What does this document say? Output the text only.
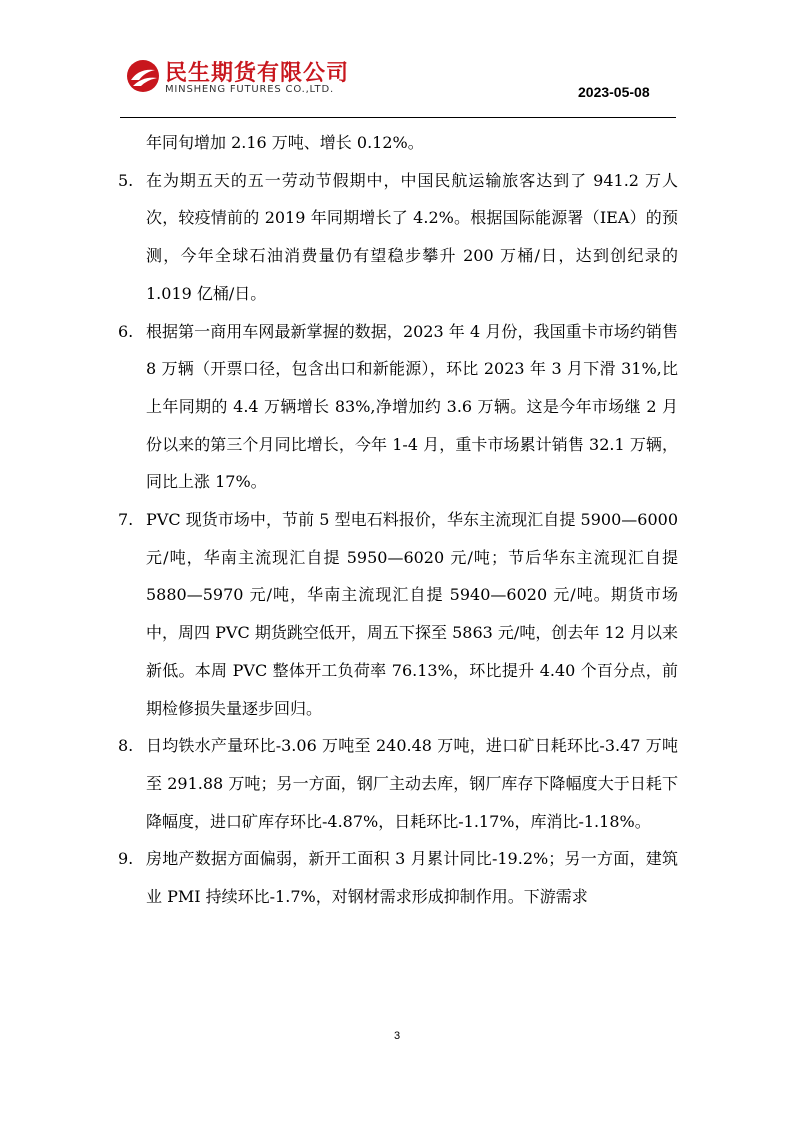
民生期货有限公司
MINSHENG FUTURES CO.,LTD.	2023-05-08

年同旬增加 2.16 万吨、增长 0.12%。

5. 在为期五天的五一劳动节假期中，中国民航运输旅客达到了 941.2 万人次，较疫情前的 2019 年同期增长了 4.2%。根据国际能源署（IEA）的预测，今年全球石油消费量仍有望稳步攀升 200 万桶/日，达到创纪录的 1.019 亿桶/日。

6. 根据第一商用车网最新掌握的数据，2023 年 4 月份，我国重卡市场约销售 8 万辆（开票口径，包含出口和新能源），环比 2023 年 3 月下滑 31%,比上年同期的 4.4 万辆增长 83%,净增加约 3.6 万辆。这是今年市场继 2 月份以来的第三个月同比增长，今年 1-4 月，重卡市场累计销售 32.1 万辆，同比上涨 17%。

7. PVC 现货市场中，节前 5 型电石料报价，华东主流现汇自提 5900—6000 元/吨，华南主流现汇自提 5950—6020 元/吨；节后华东主流现汇自提 5880—5970 元/吨，华南主流现汇自提 5940—6020 元/吨。期货市场中，周四 PVC 期货跳空低开，周五下探至 5863 元/吨，创去年 12 月以来新低。本周 PVC 整体开工负荷率 76.13%，环比提升 4.40 个百分点，前期检修损失量逐步回归。

8. 日均铁水产量环比-3.06 万吨至 240.48 万吨，进口矿日耗环比-3.47 万吨至 291.88 万吨；另一方面，钢厂主动去库，钢厂库存下降幅度大于日耗下降幅度，进口矿库存环比-4.87%，日耗环比-1.17%，库消比-1.18%。

9. 房地产数据方面偏弱，新开工面积 3 月累计同比-19.2%；另一方面，建筑业 PMI 持续环比-1.7%，对钢材需求形成抑制作用。下游需求

3
